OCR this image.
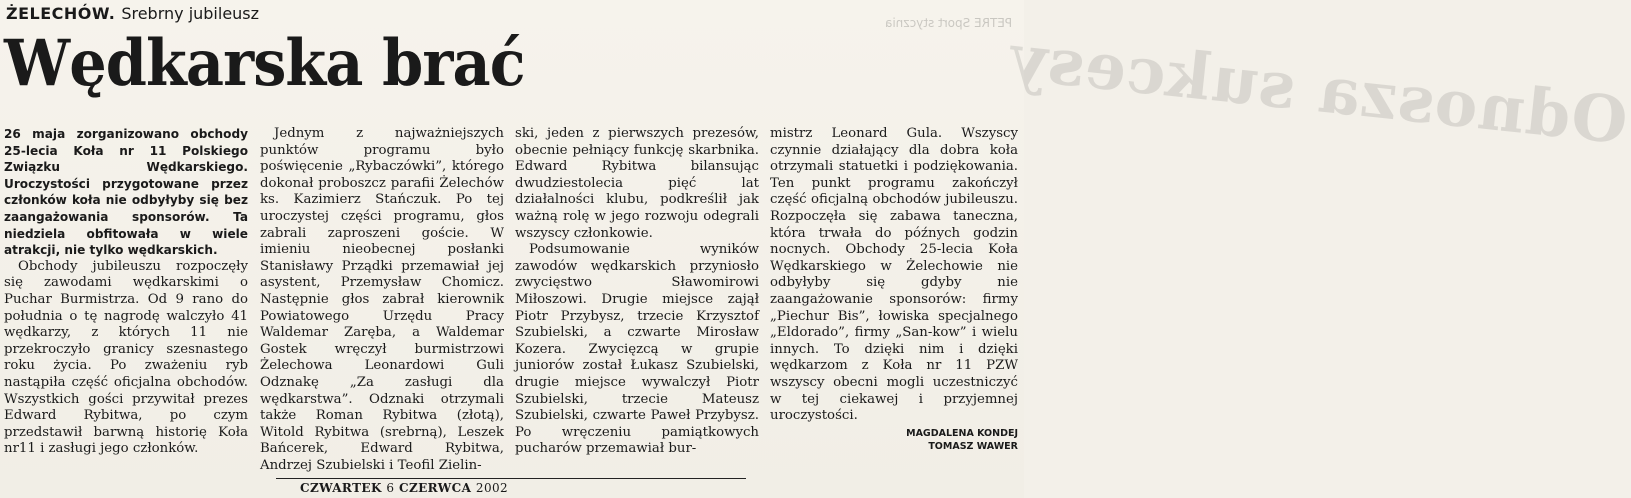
PETRE Sport stycznia
Odnosza sukcesy
ŻELECHÓW. Srebrny jubileusz
Wędkarska brać

26 maja zorganizowano obchody 25-lecia Koła nr 11 Polskiego Związku Wędkarskiego. Uroczystości przygotowane przez członków koła nie odbyłyby się bez zaangażowania sponsorów. Ta niedziela obfitowała w wiele atrakcji, nie tylko wędkarskich.

Obchody jubileuszu rozpoczęły się zawodami wędkarskimi o Puchar Burmistrza. Od 9 rano do południa o tę nagrodę walczyło 41 wędkarzy, z których 11 nie przekroczyło granicy szesnastego roku życia. Po zważeniu ryb nastąpiła część oficjalna obchodów. Wszystkich gości przywitał prezes Edward Rybitwa, po czym przedstawił barwną historię Koła nr11 i zasługi jego członków.

Jednym z najważniejszych punktów programu było poświęcenie „Rybaczówki”, którego dokonał proboszcz parafii Żelechów ks. Kazimierz Stańczuk. Po tej uroczystej części programu, głos zabrali zaproszeni goście. W imieniu nieobecnej posłanki Stanisławy Prządki przemawiał jej asystent, Przemysław Chomicz. Następnie głos zabrał kierownik Powiatowego Urzędu Pracy Waldemar Zaręba, a Waldemar Gostek wręczył burmistrzowi Żelechowa Leonardowi Guli Odznakę „Za zasługi dla wędkarstwa”. Odznaki otrzymali także Roman Rybitwa (złotą), Witold Rybitwa (srebrną), Leszek Bańcerek, Edward Rybitwa, Andrzej Szubielski i Teofil Zielin-

ski, jeden z pierwszych prezesów, obecnie pełniący funkcję skarbnika. Edward Rybitwa bilansując dwudziestolecia pięć lat działalności klubu, podkreślił jak ważną rolę w jego rozwoju odegrali wszyscy członkowie.

Podsumowanie wyników zawodów wędkarskich przyniosło zwycięstwo Sławomirowi Miłoszowi. Drugie miejsce zajął Piotr Przybysz, trzecie Krzysztof Szubielski, a czwarte Mirosław Kozera. Zwycięzcą w grupie juniorów został Łukasz Szubielski, drugie miejsce wywalczył Piotr Szubielski, trzecie Mateusz Szubielski, czwarte Paweł Przybysz. Po wręczeniu pamiątkowych pucharów przemawiał bur-

mistrz Leonard Gula. Wszyscy czynnie działający dla dobra koła otrzymali statuetki i podziękowania. Ten punkt programu zakończył część oficjalną obchodów jubileuszu. Rozpoczęła się zabawa taneczna, która trwała do późnych godzin nocnych. Obchody 25-lecia Koła Wędkarskiego w Żelechowie nie odbyłyby się gdyby nie zaangażowanie sponsorów: firmy „Piechur Bis”, łowiska specjalnego „Eldorado”, firmy „San-kow” i wielu innych. To dzięki nim i dzięki wędkarzom z Koła nr 11 PZW wszyscy obecni mogli uczestniczyć w tej ciekawej i przyjemnej uroczystości.

MAGDALENA KONDEJ
TOMASZ WAWER
CZWARTEK 6 CZERWCA 2002
